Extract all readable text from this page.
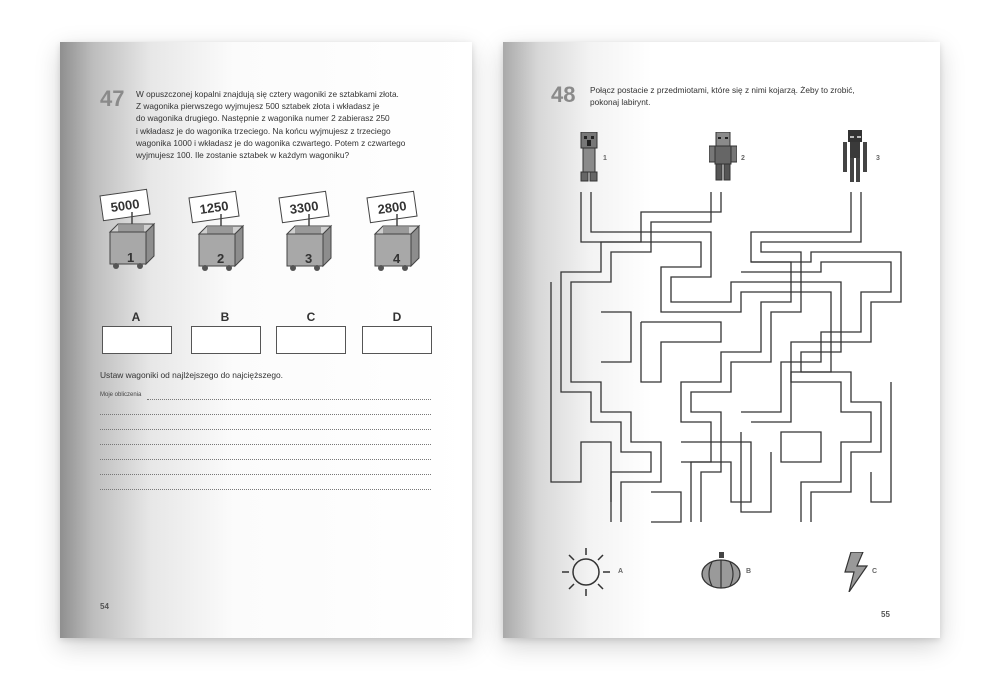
47 W opuszczonej kopalni znajdują się cztery wagoniki ze sztabkami złota.
Z wagonika pierwszego wyjmujesz 500 sztabek złota i wkładasz je
do wagonika drugiego. Następnie z wagonika numer 2 zabierasz 250
i wkładasz je do wagonika trzeciego. Na końcu wyjmujesz z trzeciego
wagonika 1000 i wkładasz je do wagonika czwartego. Potem z czwartego
wyjmujesz 100. Ile zostanie sztabek w każdym wagoniku?
5000
1
1250
2
3300
3
2800
4
A	B	C	D
Ustaw wagoniki od najlżejszego do najcięższego.
Moje obliczenia
54
48 Połącz postacie z przedmiotami, które się z nimi kojarzą. Żeby to zrobić,
pokonaj labirynt.
1	2	3
A	B	C
55
